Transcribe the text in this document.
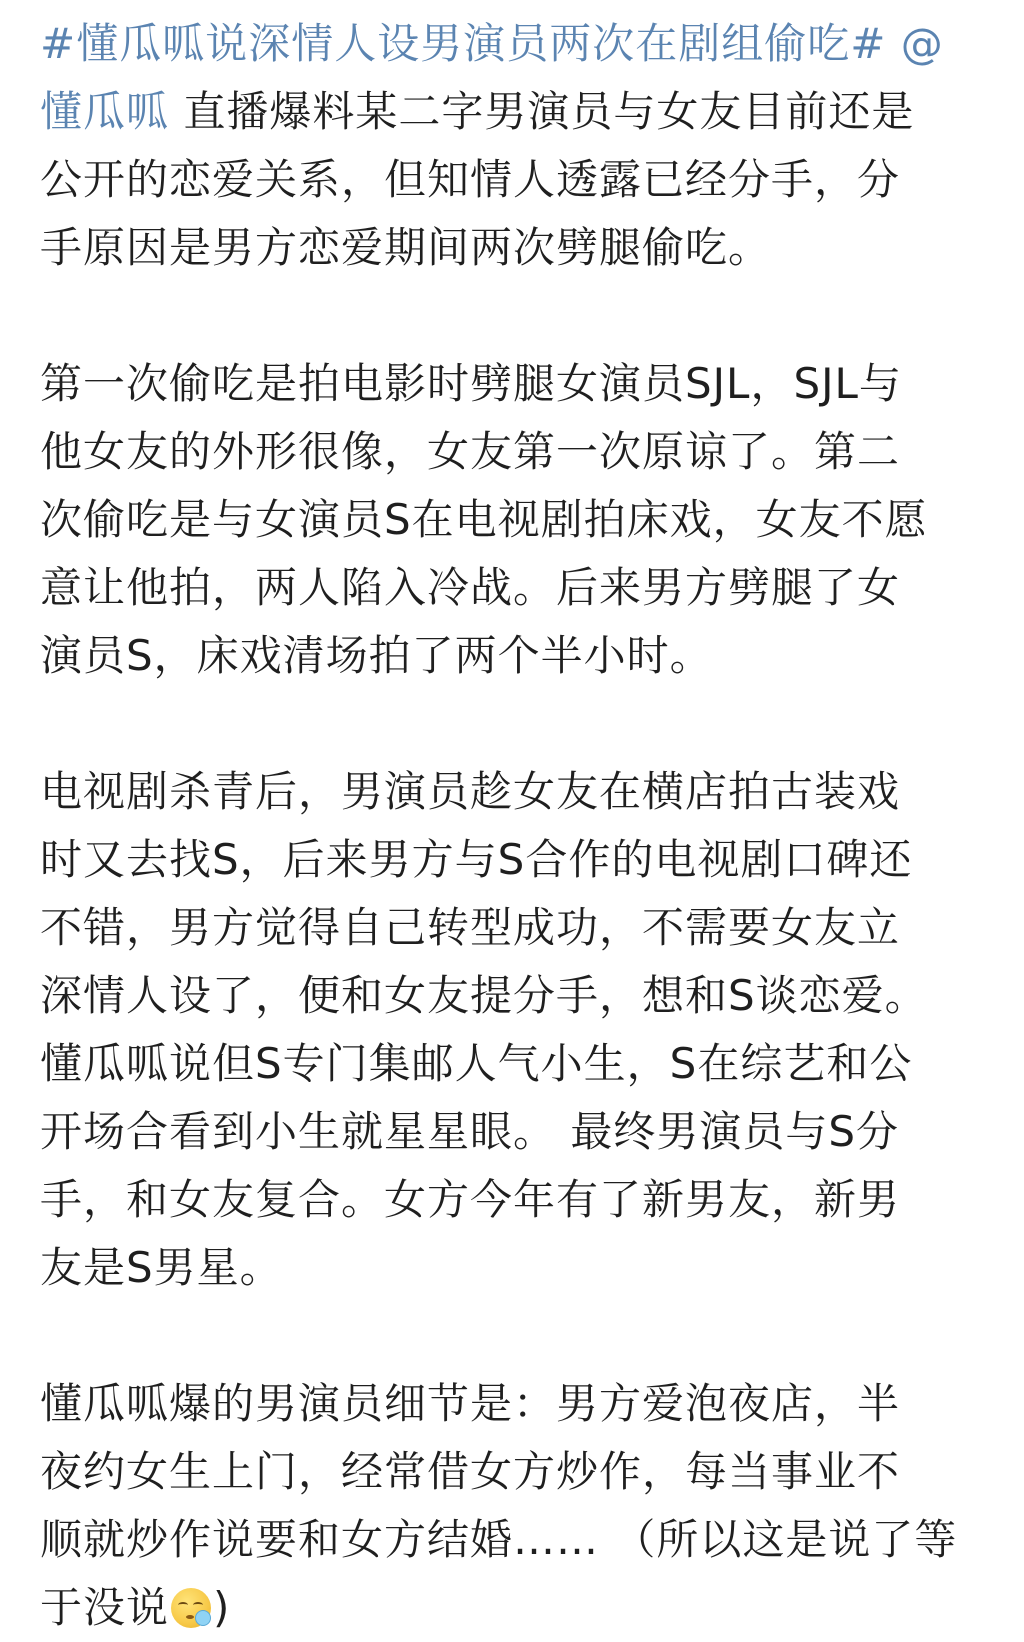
#懂瓜呱说深情人设男演员两次在剧组偷吃# @
懂瓜呱 直播爆料某二字男演员与女友目前还是
公开的恋爱关系，但知情人透露已经分手，分
手原因是男方恋爱期间两次劈腿偷吃。

第一次偷吃是拍电影时劈腿女演员SJL，SJL与
他女友的外形很像，女友第一次原谅了。第二
次偷吃是与女演员S在电视剧拍床戏，女友不愿
意让他拍，两人陷入冷战。后来男方劈腿了女
演员S，床戏清场拍了两个半小时。

电视剧杀青后，男演员趁女友在横店拍古装戏
时又去找S，后来男方与S合作的电视剧口碑还
不错，男方觉得自己转型成功，不需要女友立
深情人设了，便和女友提分手，想和S谈恋爱。
懂瓜呱说但S专门集邮人气小生，S在综艺和公
开场合看到小生就星星眼。 最终男演员与S分
手，和女友复合。女方今年有了新男友，新男
友是S男星。

懂瓜呱爆的男演员细节是：男方爱泡夜店，半
夜约女生上门，经常借女方炒作，每当事业不
顺就炒作说要和女方结婚…… （所以这是说了等
于没说 )
